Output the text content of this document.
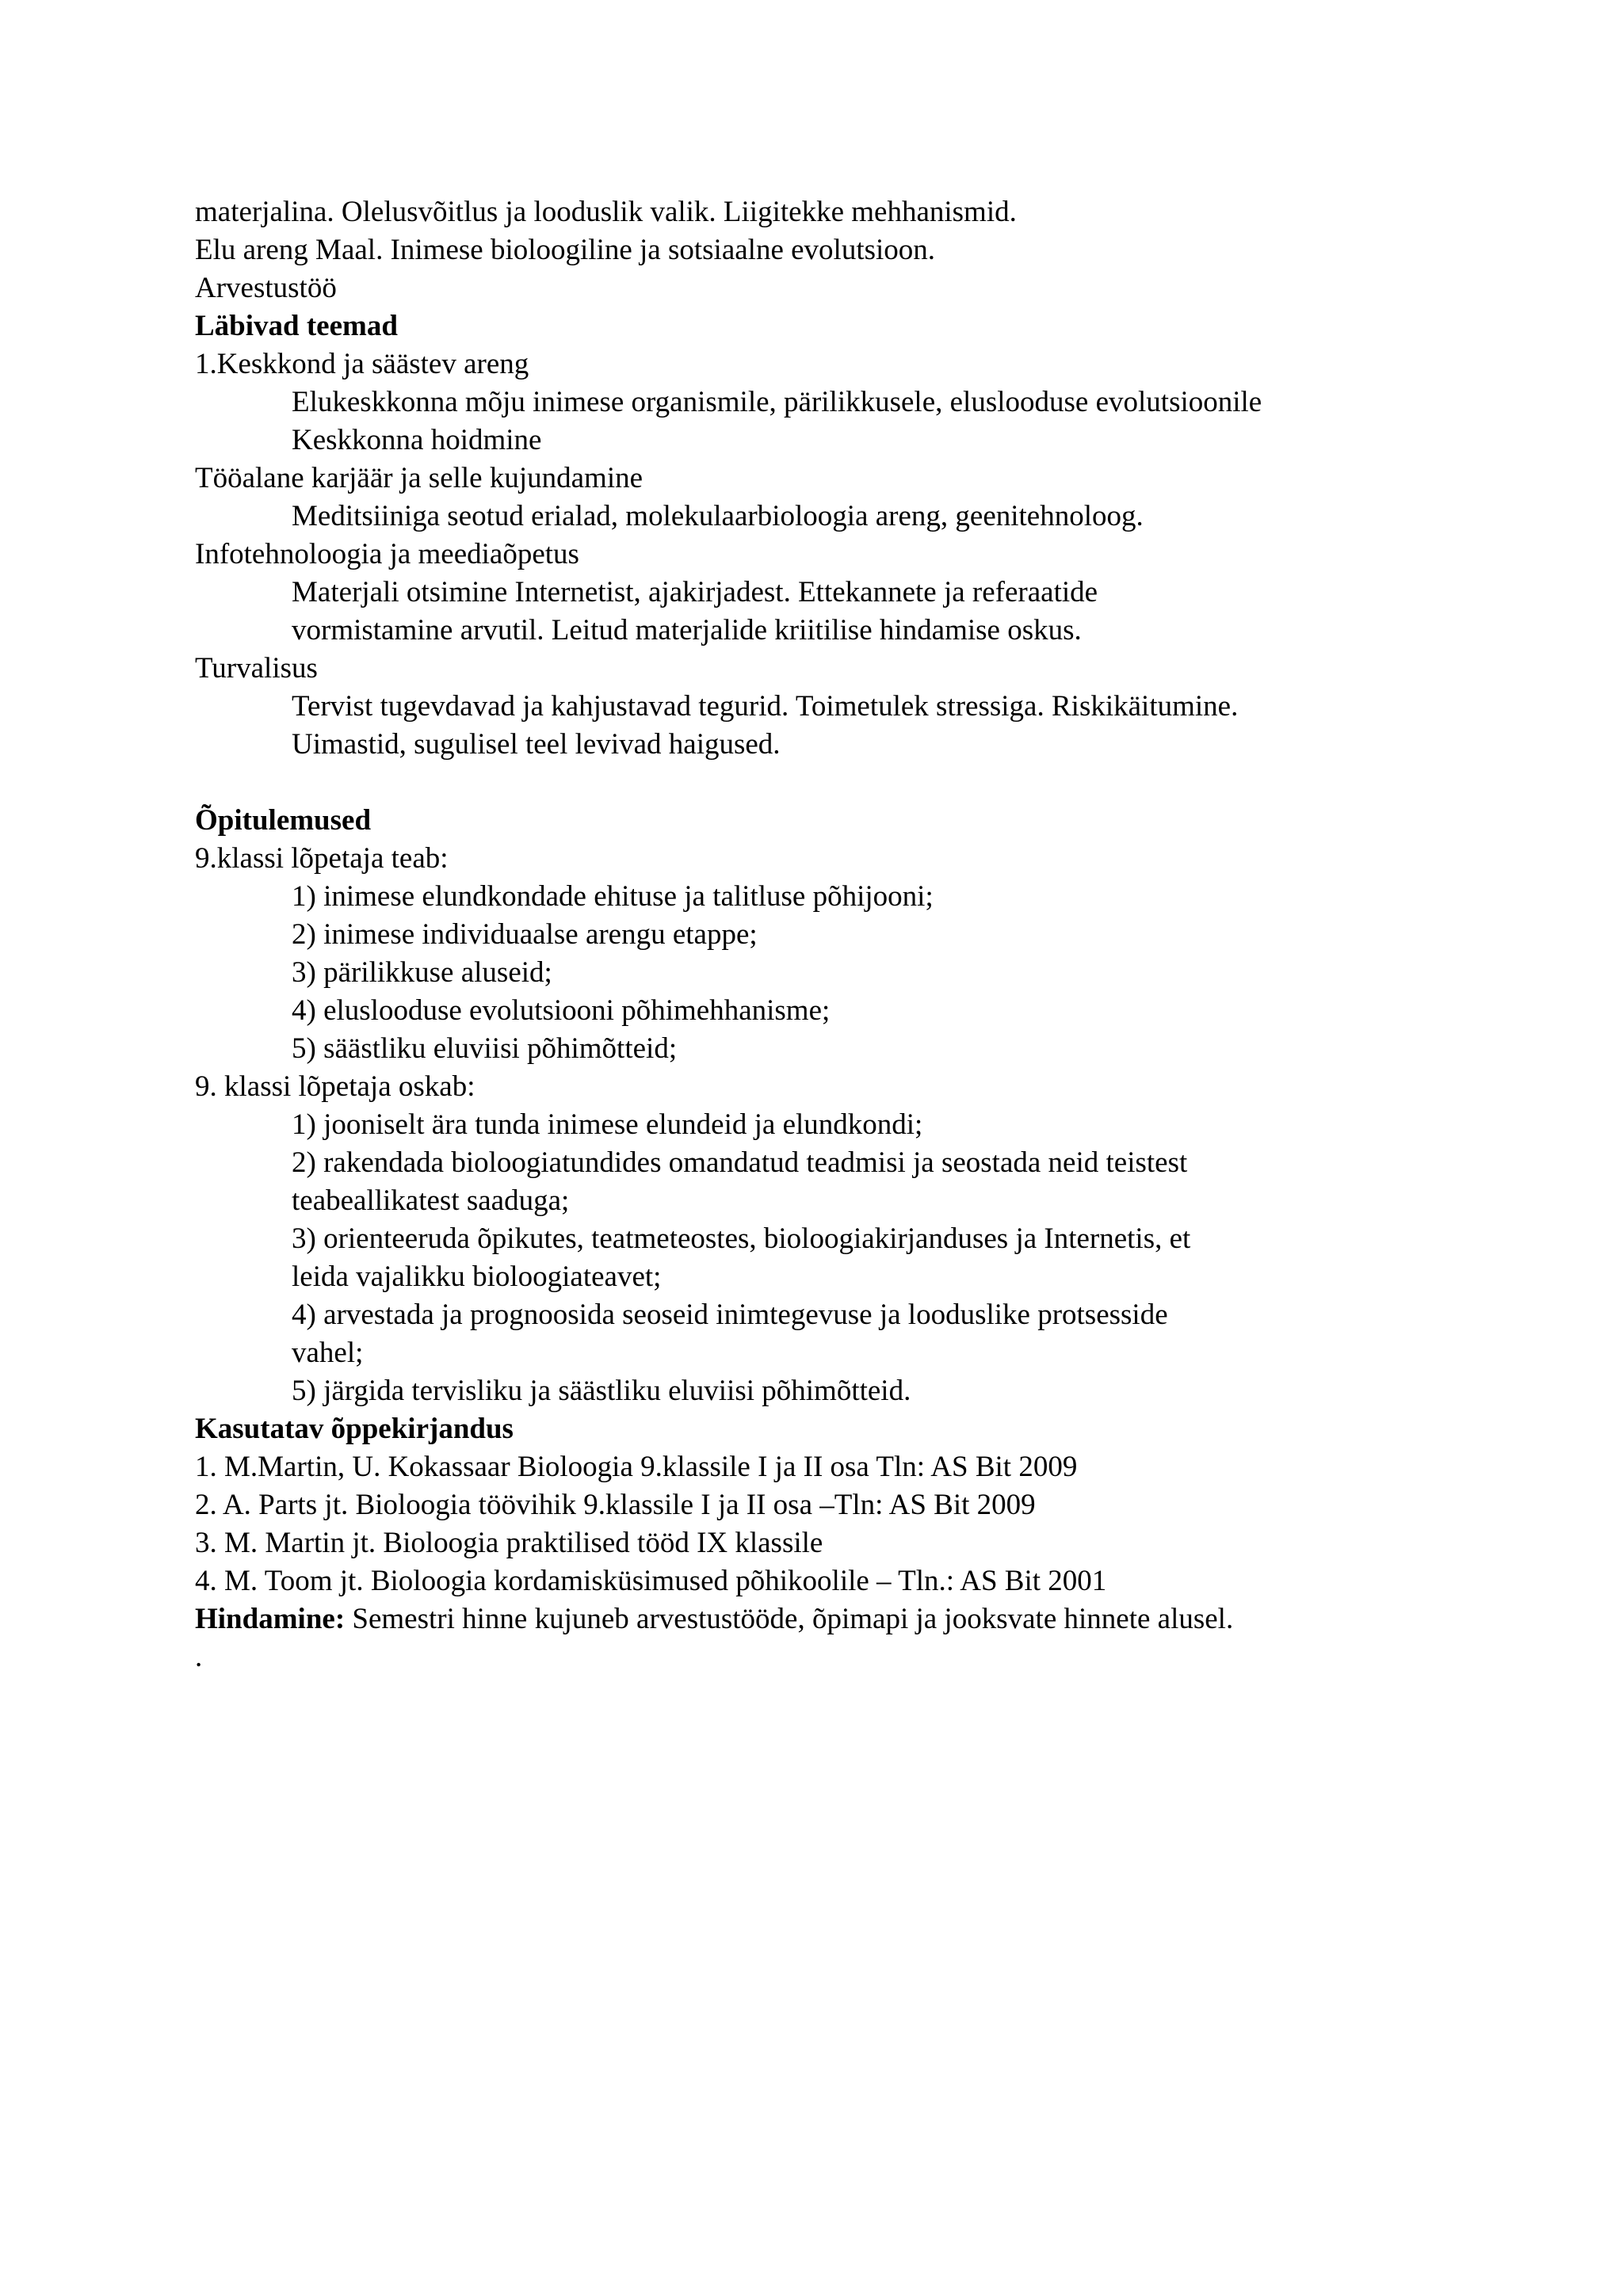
materjalina. Olelusvõitlus ja looduslik valik. Liigitekke mehhanismid.
Elu areng Maal. Inimese bioloogiline ja sotsiaalne evolutsioon.
Arvestustöö
Läbivad teemad
1.Keskkond ja säästev areng
Elukeskkonna mõju inimese organismile, pärilikkusele, elusloodusе evolutsioonile
Keskkonna hoidmine
Tööalane karjäär ja selle kujundamine
Meditsiiniga seotud erialad, molekulaarbioloogia areng, geenitehnoloog.
Infotehnoloogia ja meediaõpetus
Materjali otsimine Internetist, ajakirjadest. Ettekannete ja referaatide
vormistamine arvutil. Leitud materjalide kriitilise hindamise oskus.
Turvalisus
Tervist tugevdavad ja kahjustavad tegurid. Toimetulek stressiga. Riskikäitumine.
Uimastid, sugulisel teel levivad haigused.
Õpitulemused
9.klassi lõpetaja teab:
1) inimese elundkondade ehituse ja talitluse põhijooni;
2) inimese individuaalse arengu etappe;
3) pärilikkuse aluseid;
4) elusloodusе evolutsiooni põhimehhanisme;
5) säästliku eluviisi põhimõtteid;
9. klassi lõpetaja oskab:
1) jooniselt ära tunda inimese elundeid ja elundkondi;
2) rakendada bioloogiatundides omandatud teadmisi ja seostada neid teistest
teabeallikatest saaduga;
3) orienteeruda õpikutes, teatmeteostes, bioloogiakirjanduses ja Internetis, et
leida vajalikku bioloogiateavet;
4) arvestada ja prognoosida seoseid inimtegevuse ja looduslike protsesside
vahel;
5) järgida tervisliku ja säästliku eluviisi põhimõtteid.
Kasutatav õppekirjandus
1. M.Martin, U. Kokassaar Bioloogia 9.klassile I ja II osa Tln: AS Bit 2009
2. A. Parts jt. Bioloogia töövihik 9.klassile I ja II osa –Tln: AS Bit 2009
3. M. Martin jt. Bioloogia praktilised tööd IX klassile
4. M. Toom jt. Bioloogia kordamisküsimused põhikoolile – Tln.: AS Bit 2001
Hindamine: Semestri hinne kujuneb arvestustööde, õpimapi ja jooksvate hinnete alusel.
.
